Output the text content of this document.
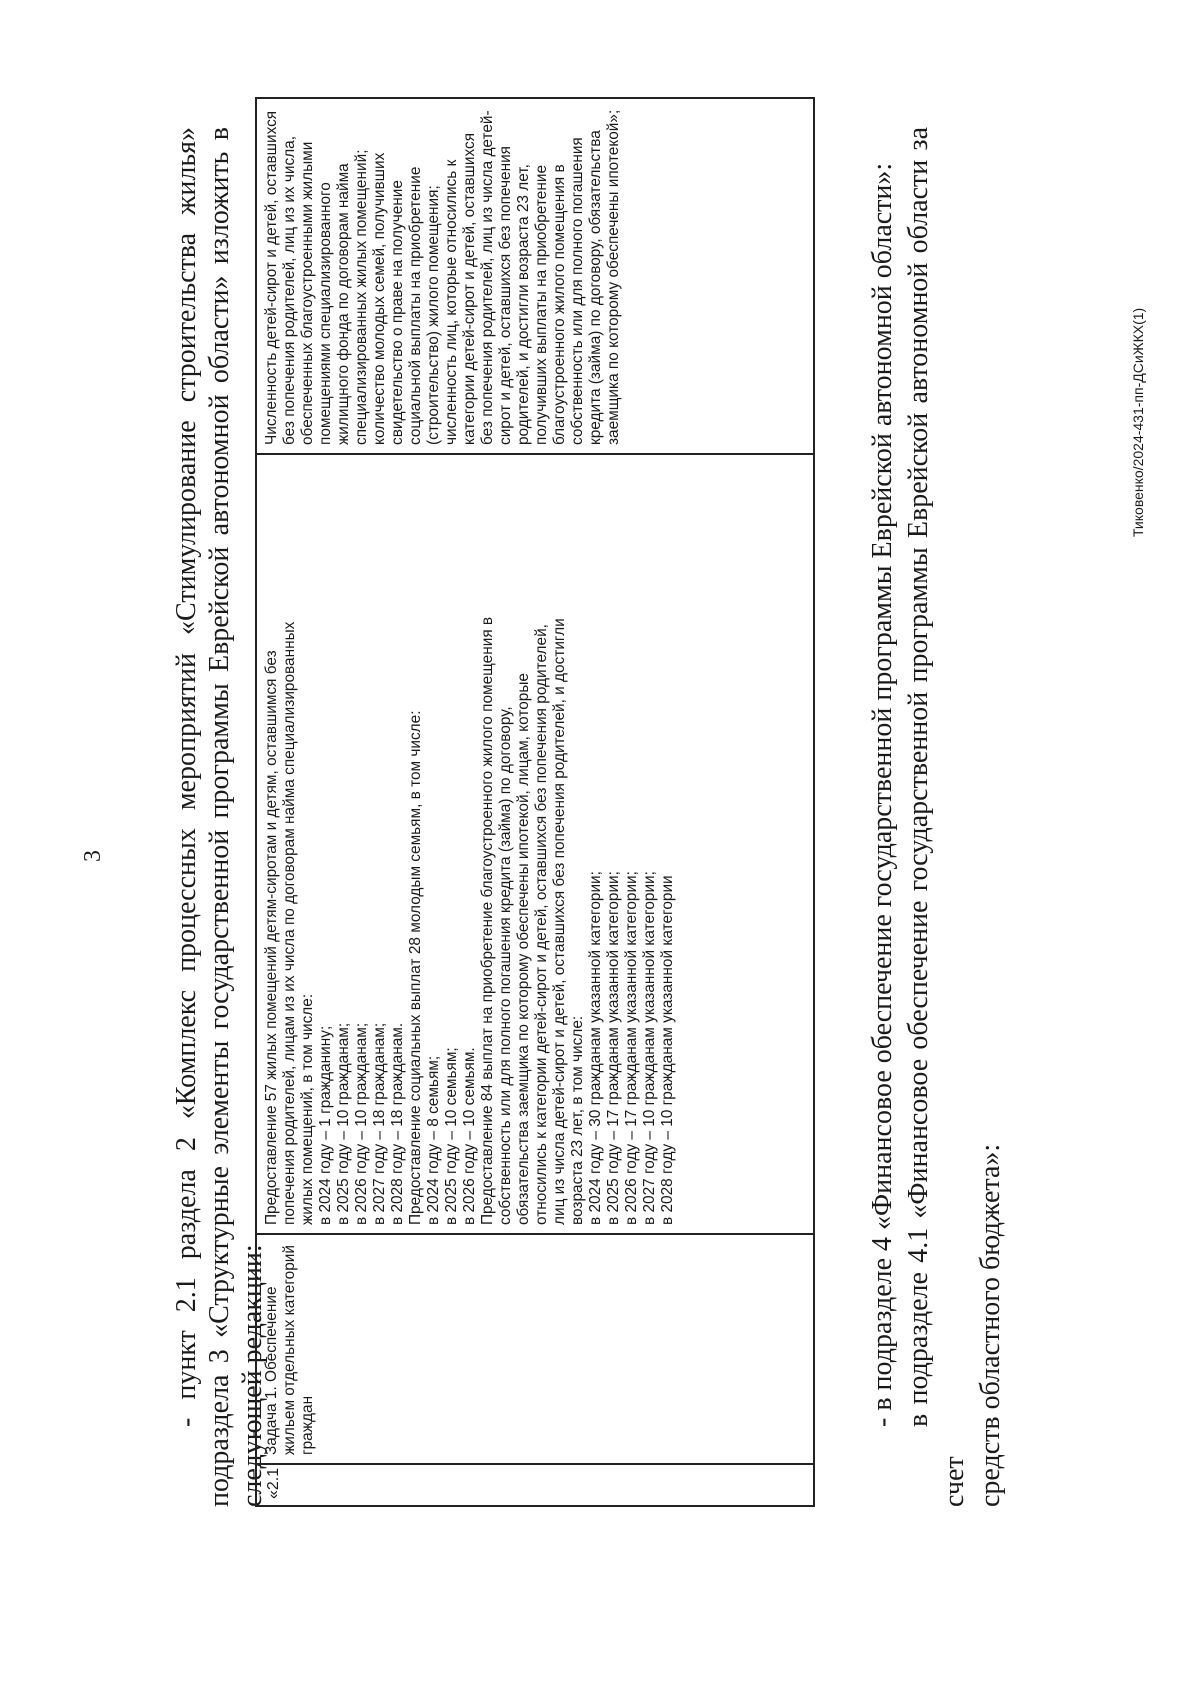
3 - пункт 2.1 раздела 2 «Комплекс процессных мероприятий «Стимулирование строительства жилья» подраздела 3 «Структурные элементы государственной программы Еврейской автономной области» изложить в следующей редакции:
«2.1
Задача 1. Обеспечение жильем отдельных категорий граждан
Предоставление 57 жилых помещений детям-сиротам и детям, оставшимся без попечения родителей, лицам из их числа по договорам найма специализированных жилых помещений, в том числе: в 2024 году – 1 гражданину; в 2025 году – 10 гражданам; в 2026 году – 10 гражданам; в 2027 году – 18 гражданам; в 2028 году – 18 гражданам. Предоставление социальных выплат 28 молодым семьям, в том числе: в 2024 году – 8 семьям; в 2025 году – 10 семьям; в 2026 году – 10 семьям. Предоставление 84 выплат на приобретение благоустроенного жилого помещения в собственность или для полного погашения кредита (займа) по договору, обязательства заемщика по которому обеспечены ипотекой, лицам, которые относились к категории детей-сирот и детей, оставшихся без попечения родителей, лиц из числа детей-сирот и детей, оставшихся без попечения родителей, и достигли возраста 23 лет, в том числе: в 2024 году – 30 гражданам указанной категории; в 2025 году – 17 гражданам указанной категории; в 2026 году – 17 гражданам указанной категории; в 2027 году – 10 гражданам указанной категории; в 2028 году – 10 гражданам указанной категории
Численность детей-сирот и детей, оставшихся без попечения родителей, лиц из их числа, обеспеченных благоустроенными жилыми помещениями специализированного жилищного фонда по договорам найма специализированных жилых помещений; количество молодых семей, получивших свидетельство о праве на получение социальной выплаты на приобретение (строительство) жилого помещения; численность лиц, которые относились к категории детей-сирот и детей, оставшихся без попечения родителей, лиц из числа детей- сирот и детей, оставшихся без попечения родителей, и достигли возраста 23 лет, получивших выплаты на приобретение благоустроенного жилого помещения в собственность или для полного погашения кредита (займа) по договору, обязательства заемщика по которому обеспечены ипотекой»;	- в подразделе 4 «Финансовое обеспечение государственной программы Еврейской автономной области»: в подразделе 4.1 «Финансовое обеспечение государственной программы Еврейской автономной области за счет средств областного бюджета»:
Тиковенко/2024-431-пп-ДСиЖКХ(1)
